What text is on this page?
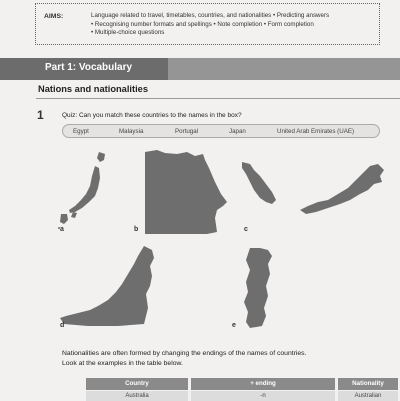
AIMS:	Language related to travel, timetables, countries, and nationalities • Predicting answers
• Recognising number formats and spellings • Note completion • Form completion
• Multiple-choice questions
Part 1: Vocabulary
Nations and nationalities
1	Quiz: Can you match these countries to the names in the box?
Egypt	Malaysia	Portugal	Japan	United Arab Emirates (UAE)
a	b	c
d	e
Nationalities are often formed by changing the endings of the names of countries.
Look at the examples in the table below.
Country	+ ending	Nationality
Australia	-n	Australian
